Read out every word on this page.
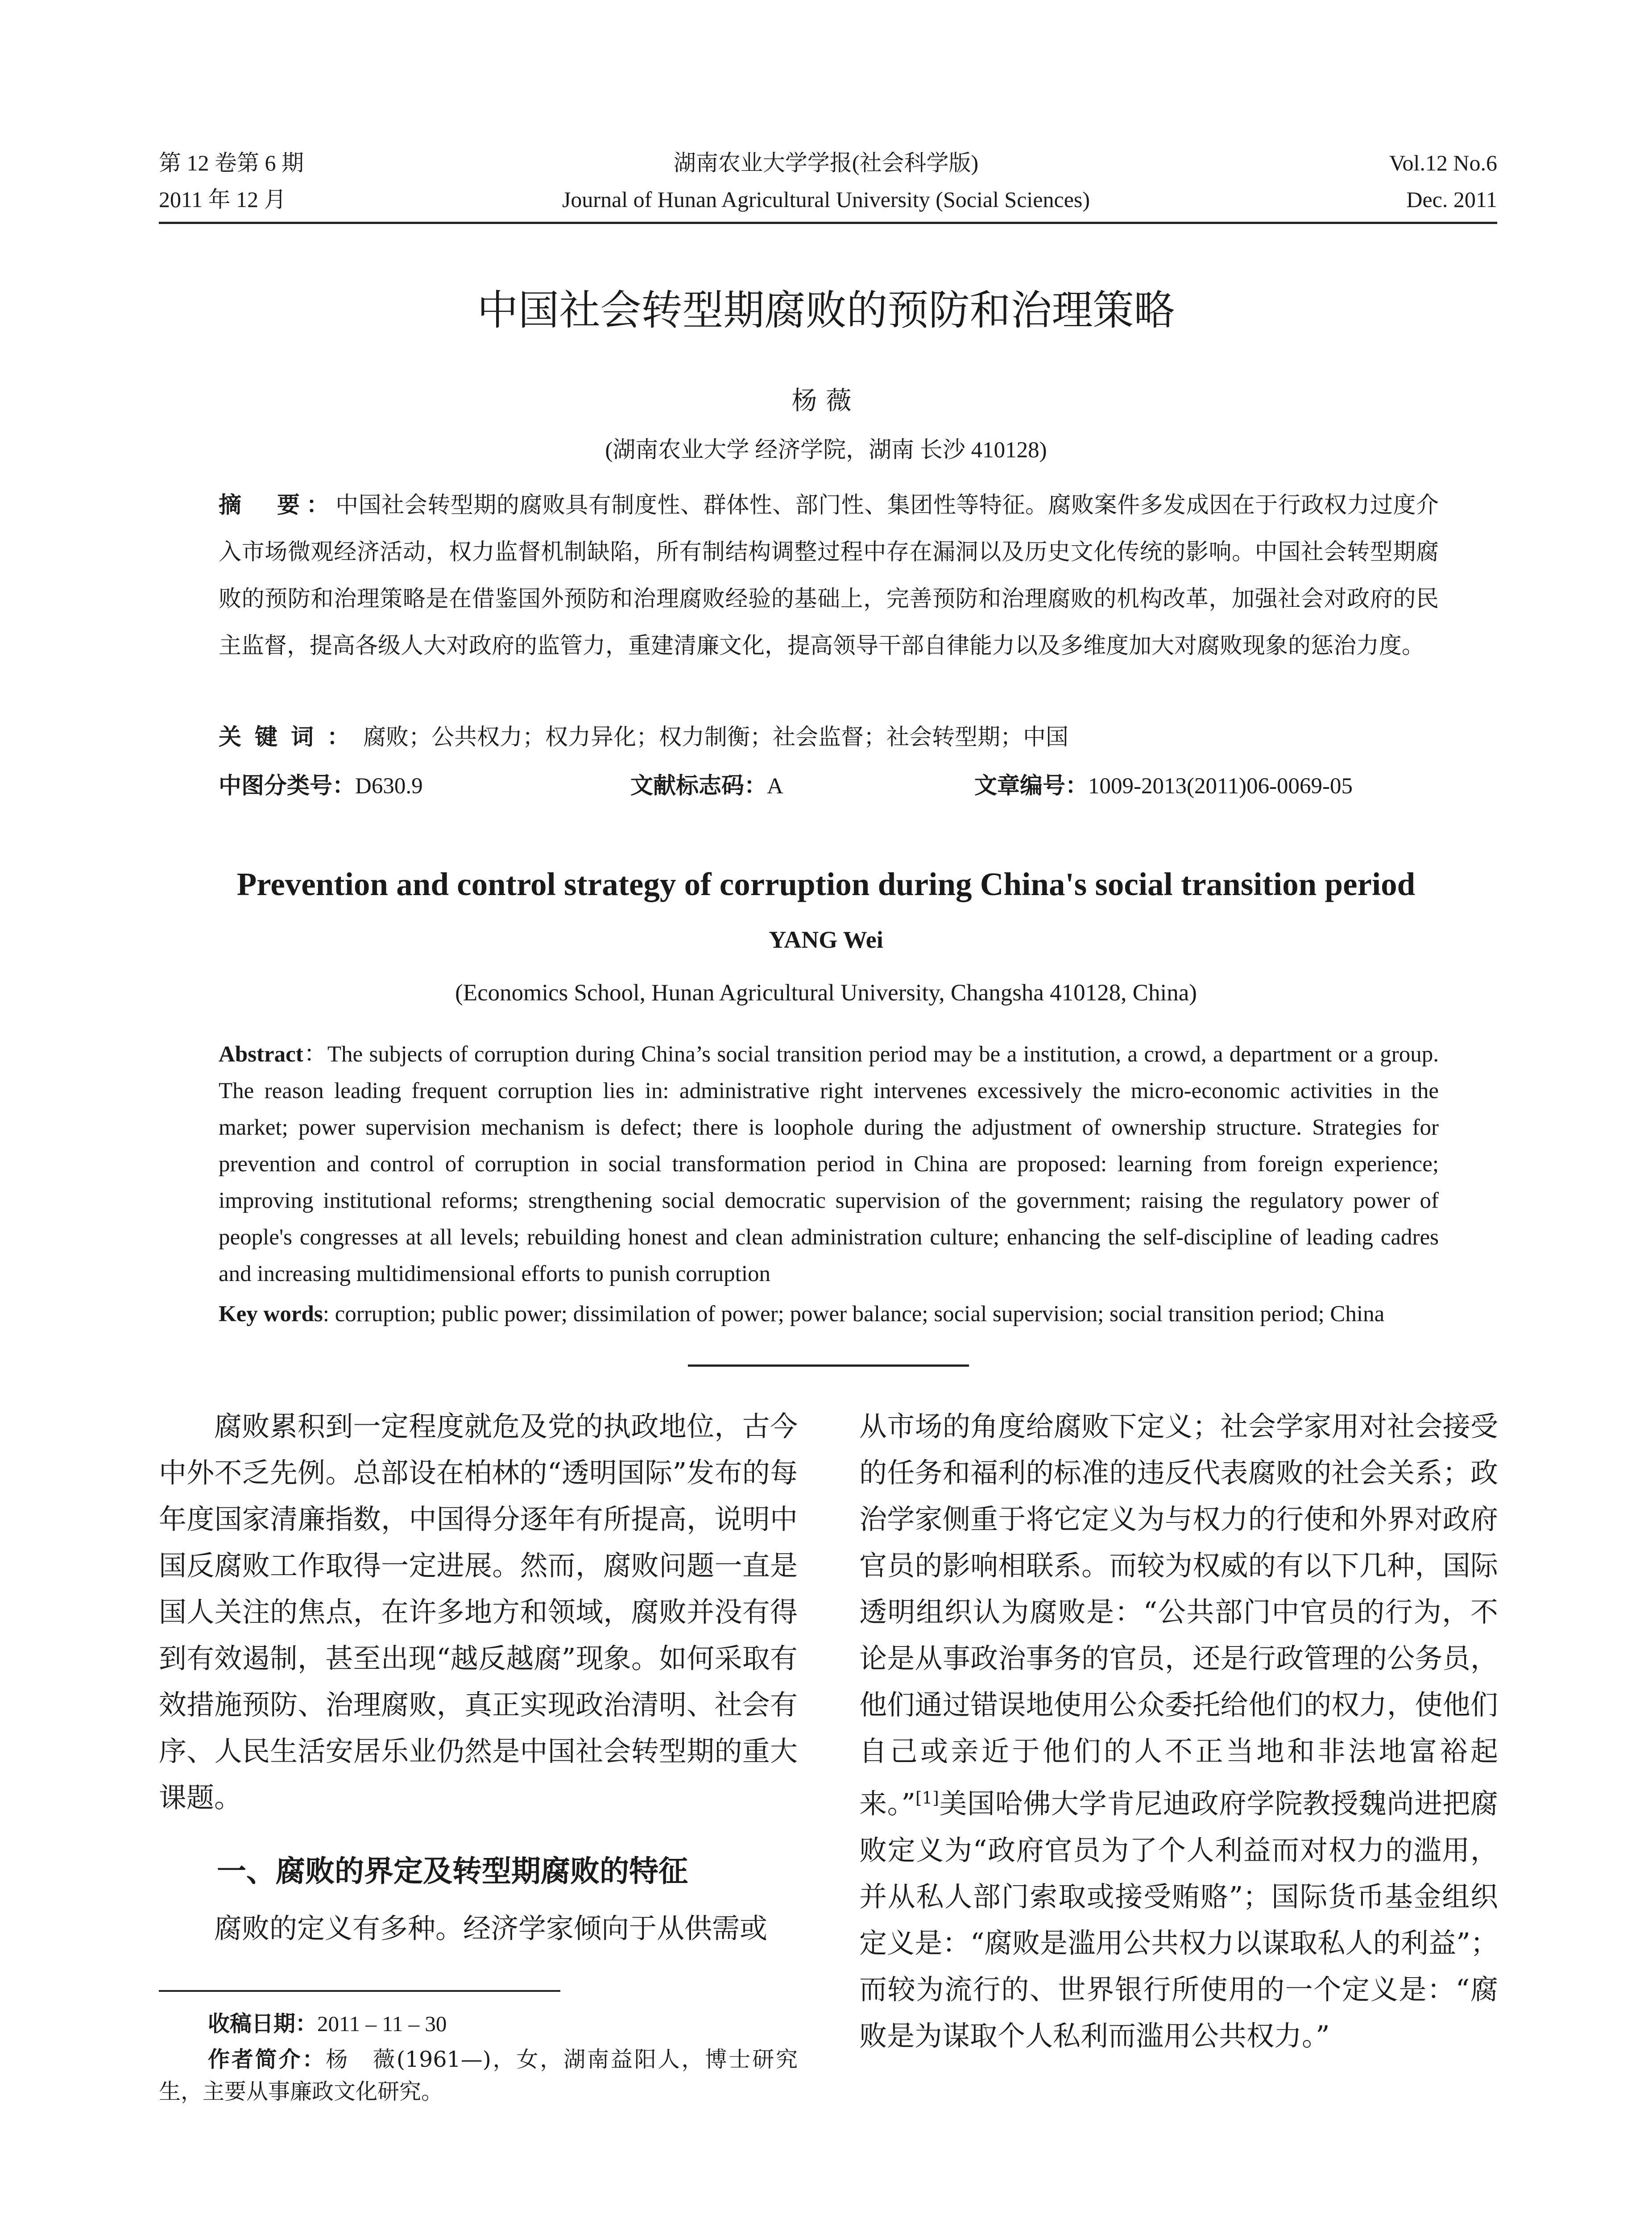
第 12 卷第 6 期
2011 年 12 月
湖南农业大学学报(社会科学版)
Journal of Hunan Agricultural University (Social Sciences)
Vol.12 No.6
Dec. 2011
中国社会转型期腐败的预防和治理策略
杨薇
(湖南农业大学 经济学院，湖南 长沙 410128)
摘　要：中国社会转型期的腐败具有制度性、群体性、部门性、集团性等特征。腐败案件多发成因在于行政权力过度介入市场微观经济活动，权力监督机制缺陷，所有制结构调整过程中存在漏洞以及历史文化传统的影响。中国社会转型期腐败的预防和治理策略是在借鉴国外预防和治理腐败经验的基础上，完善预防和治理腐败的机构改革，加强社会对政府的民主监督，提高各级人大对政府的监管力，重建清廉文化，提高领导干部自律能力以及多维度加大对腐败现象的惩治力度。
关键词：腐败；公共权力；权力异化；权力制衡；社会监督；社会转型期；中国
中图分类号：D630.9	文献标志码：A	文章编号：1009-2013(2011)06-0069-05
Prevention and control strategy of corruption during China's social transition period
YANG Wei
(Economics School, Hunan Agricultural University, Changsha 410128, China)
Abstract：The subjects of corruption during China’s social transition period may be a institution, a crowd, a department or a group. The reason leading frequent corruption lies in: administrative right intervenes excessively the micro-economic activities in the market; power supervision mechanism is defect; there is loophole during the adjustment of ownership structure. Strategies for prevention and control of corruption in social transformation period in China are proposed: learning from foreign experience; improving institutional reforms; strengthening social democratic supervision of the government; raising the regulatory power of people's congresses at all levels; rebuilding honest and clean administration culture; enhancing the self-discipline of leading cadres and increasing multidimensional efforts to punish corruption
Key words: corruption; public power; dissimilation of power; power balance; social supervision; social transition period; China
腐败累积到一定程度就危及党的执政地位，古今中外不乏先例。总部设在柏林的“透明国际”发布的每年度国家清廉指数，中国得分逐年有所提高，说明中国反腐败工作取得一定进展。然而，腐败问题一直是国人关注的焦点，在许多地方和领域，腐败并没有得到有效遏制，甚至出现“越反越腐”现象。如何采取有效措施预防、治理腐败，真正实现政治清明、社会有序、人民生活安居乐业仍然是中国社会转型期的重大课题。
一、腐败的界定及转型期腐败的特征
腐败的定义有多种。经济学家倾向于从供需或
收稿日期：2011 – 11 – 30
作者简介：杨　薇(1961—)，女，湖南益阳人，博士研究生，主要从事廉政文化研究。
从市场的角度给腐败下定义；社会学家用对社会接受的任务和福利的标准的违反代表腐败的社会关系；政治学家侧重于将它定义为与权力的行使和外界对政府官员的影响相联系。而较为权威的有以下几种，国际透明组织认为腐败是：“公共部门中官员的行为，不论是从事政治事务的官员，还是行政管理的公务员，他们通过错误地使用公众委托给他们的权力，使他们自己或亲近于他们的人不正当地和非法地富裕起来。”[1]美国哈佛大学肯尼迪政府学院教授魏尚进把腐败定义为“政府官员为了个人利益而对权力的滥用，并从私人部门索取或接受贿赂”；国际货币基金组织定义是：“腐败是滥用公共权力以谋取私人的利益”；而较为流行的、世界银行所使用的一个定义是：“腐败是为谋取个人私利而滥用公共权力。”
